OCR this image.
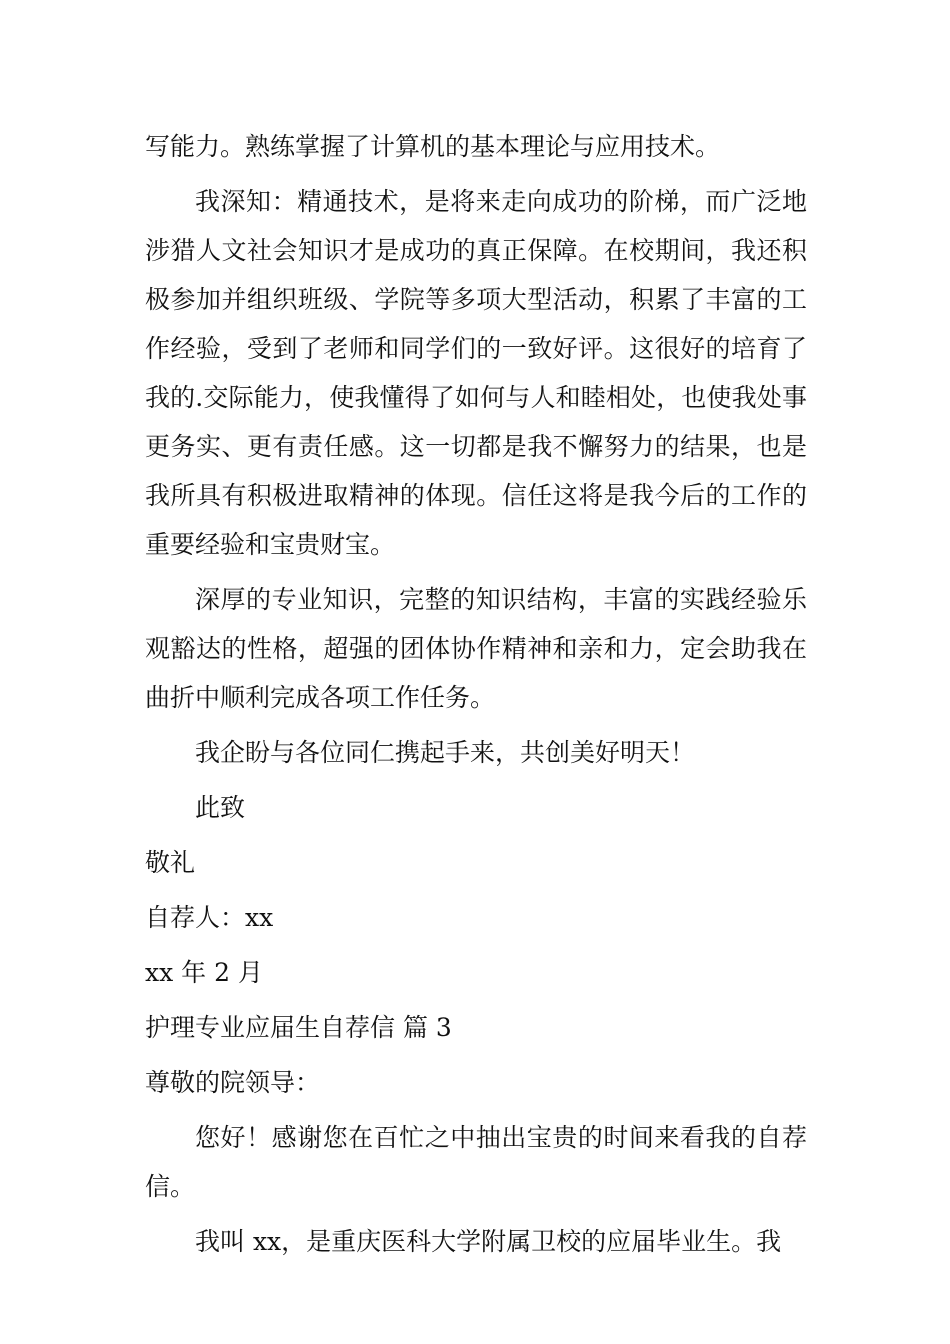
写能力。熟练掌握了计算机的基本理论与应用技术。

我深知：精通技术，是将来走向成功的阶梯，而广泛地涉猎人文社会知识才是成功的真正保障。在校期间，我还积极参加并组织班级、学院等多项大型活动，积累了丰富的工作经验，受到了老师和同学们的一致好评。这很好的培育了我的.交际能力，使我懂得了如何与人和睦相处，也使我处事更务实、更有责任感。这一切都是我不懈努力的结果，也是我所具有积极进取精神的体现。信任这将是我今后的工作的重要经验和宝贵财宝。

深厚的专业知识，完整的知识结构，丰富的实践经验乐观豁达的性格，超强的团体协作精神和亲和力，定会助我在曲折中顺利完成各项工作任务。

我企盼与各位同仁携起手来，共创美好明天！

此致

敬礼

自荐人：xx

xx 年 2 月

护理专业应届生自荐信 篇 3

尊敬的院领导：

您好！感谢您在百忙之中抽出宝贵的时间来看我的自荐信。

我叫 xx，是重庆医科大学附属卫校的应届毕业生。我
